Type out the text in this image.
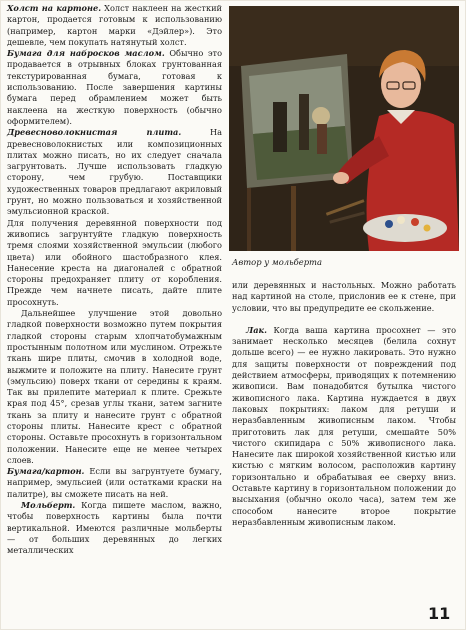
Холст на картоне. Холст наклеен на жесткий картон, продается готовым к использованию (например, картон марки «Дэйлер»). Это дешевле, чем покупать натянутый холст.

Бумага для набросков маслом. Обычно это продавается в отрывных блоках грунтованная текстурированная бумага, готовая к использованию. После завершения картины бумага перед обрамлением может быть наклеена на жесткую поверхность (обычно оформителем).

Древесноволокнистая плита.	На древесноволокнистых или композиционных плитах можно писать, но их следует сначала загрунтовать. Лучше использовать гладкую сторону, чем грубую. Поставщики художественных товаров предлагают акриловый грунт, но можно пользоваться и хозяйственной эмульсионной краской.

Для получения деревянной поверхности под живопись загрунтуйте гладкую поверхность тремя слоями хозяйственной эмульсии (любого цвета) или обойного шастобразного клея. Нанесение креста на диагоналей с обратной стороны предохраняет плиту от коробления. Прежде чем начнете писать, дайте плите просохнуть.

Дальнейшее улучшение этой довольно гладкой поверхности возможно путем покрытия гладкой стороны старым хлопчатобумажным простынным полотном или муслином. Отрежьте ткань шире плиты, смочив в холодной воде, выжмите и положите на плиту. Нанесите грунт (эмульсию) поверх ткани от середины к краям. Так вы прилепите материал к плите. Срежьте края под 45°, срезав углы ткани, затем загните ткань за плиту и нанесите грунт с обратной стороны плиты. Нанесите крест с обратной стороны. Оставьте просохнуть в горизонтальном положении. Нанесите еще не менее четырех слоев.

Бумага/картон. Если вы загрунтуете бумагу, например, эмульсией (или остатками краски на палитре), вы сможете писать на ней.

Мольберт. Когда пишете маслом, важно, чтобы поверхность картины была почти вертикальной. Имеются различные мольберты — от больших деревянных до легких металлических

Автор у мольберта

или деревянных и настольных. Можно работать над картиной на столе, прислонив ее к стене, при условии, что вы предупредите ее скольжение.

Лак. Когда ваша картина просохнет — это занимает несколько месяцев (белила сохнут дольше всего) — ее нужно лакировать. Это нужно для защиты поверхности от повреждений под действием атмосферы, приводящих к потемнению живописи. Вам понадобится бутылка чистого живописного лака. Картина нуждается в двух лаковых покрытиях: лаком для ретуши и неразбавленным живописным лаком. Чтобы приготовить лак для ретуши, смешайте 50% чистого скипидара с 50% живописного лака. Нанесите лак широкой хозяйственной кистью или кистью с мягким волосом, расположив картину горизонтально и обрабатывая ее сверху вниз. Оставьте картину в горизонтальном положении до высыхания (обычно около часа), затем тем же способом нанесите второе покрытие неразбавленным живописным лаком.

11
